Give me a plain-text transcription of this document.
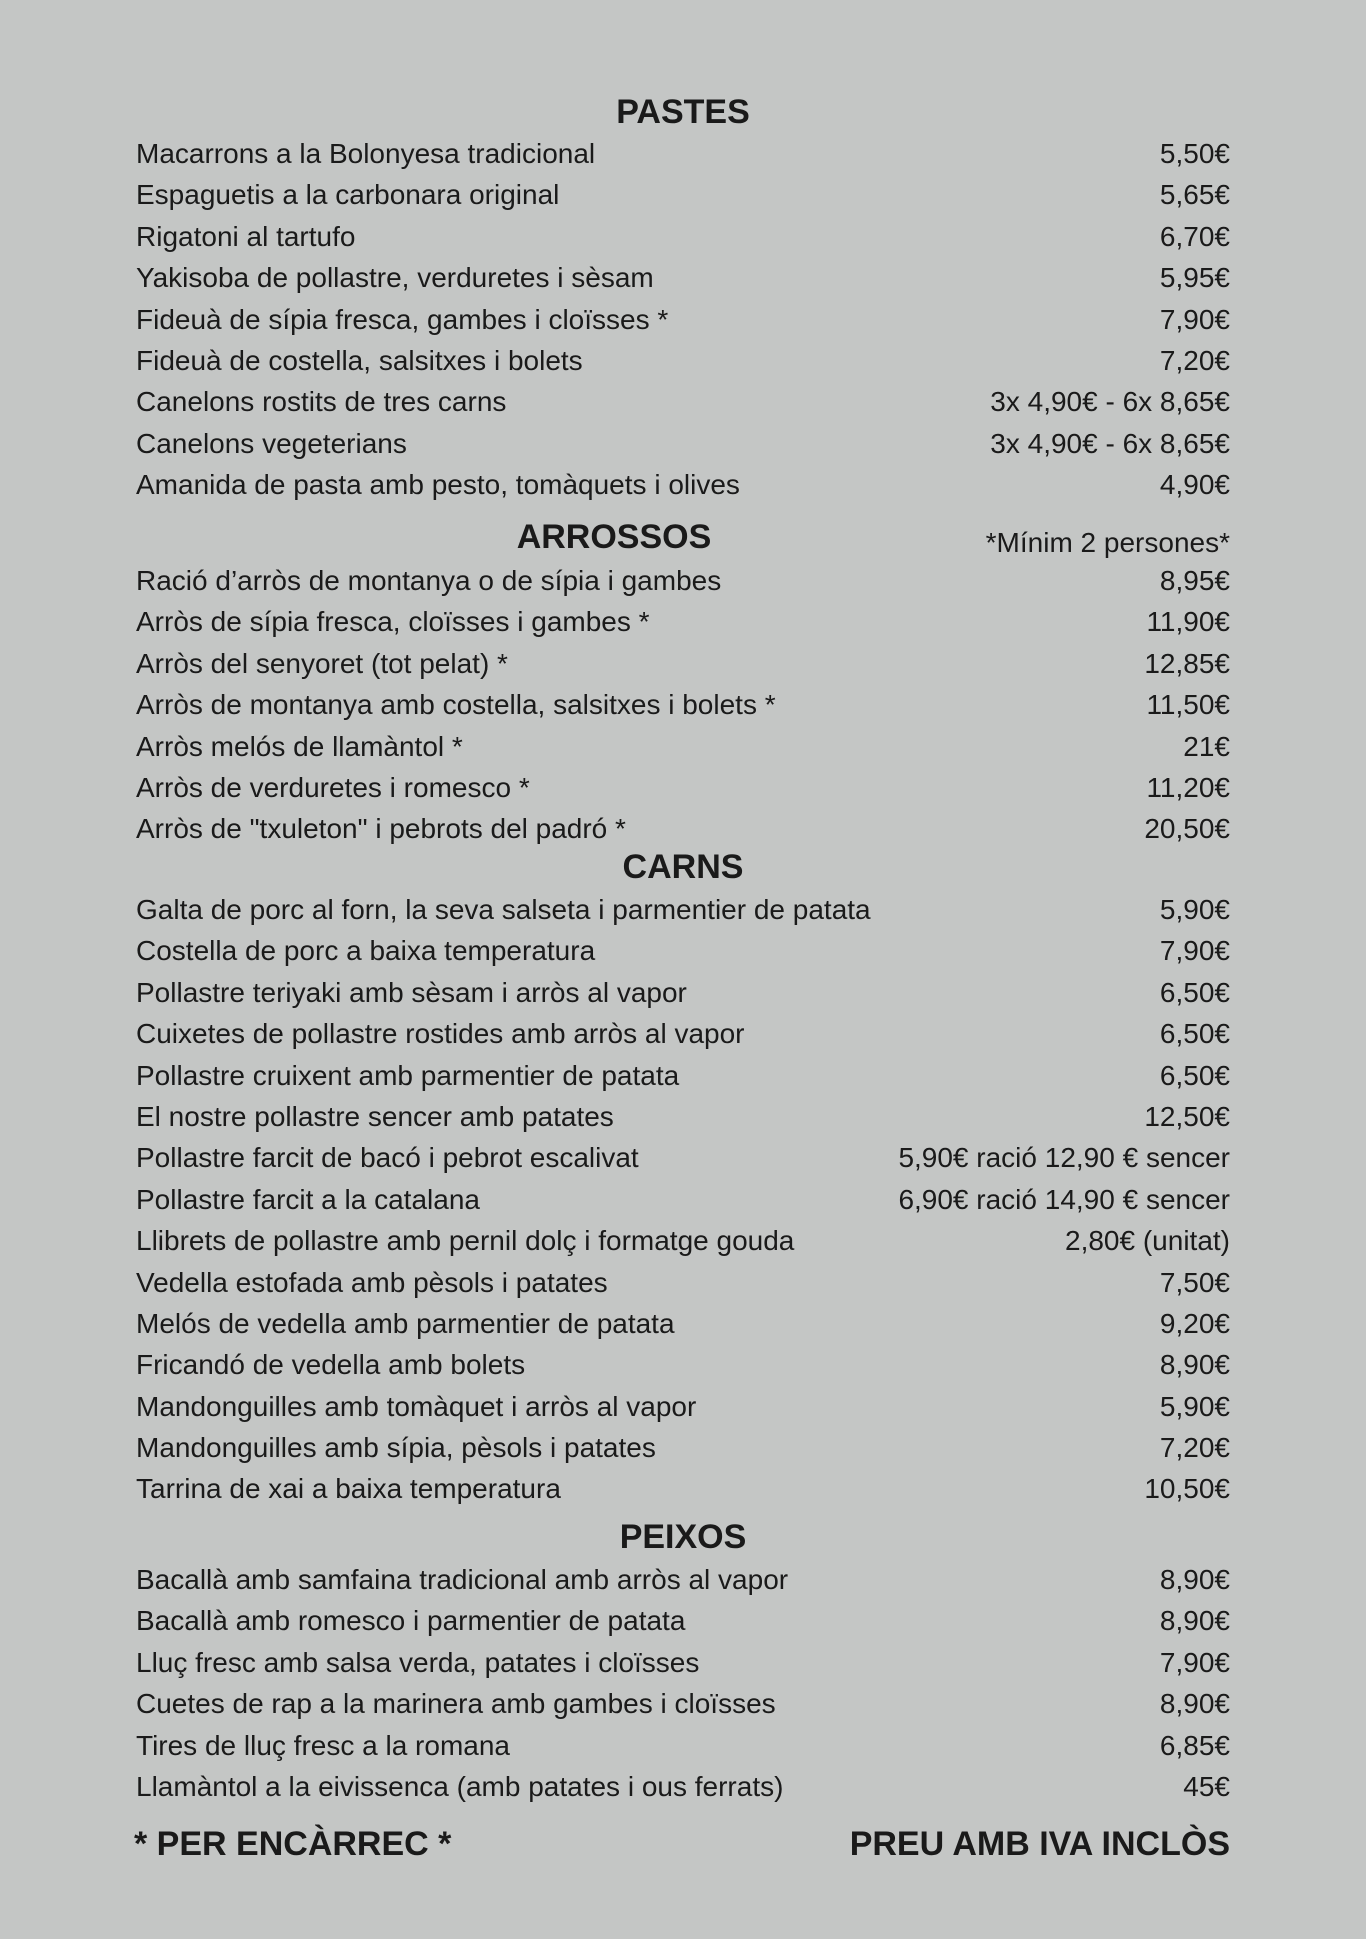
PASTES
Macarrons a la Bolonyesa tradicional	5,50€
Espaguetis a la carbonara original	5,65€
Rigatoni al tartufo	6,70€
Yakisoba de pollastre, verduretes i sèsam	5,95€
Fideuà de sípia fresca, gambes i cloïsses *	7,90€
Fideuà de costella, salsitxes i bolets	7,20€
Canelons rostits de tres carns	3x 4,90€ - 6x 8,65€
Canelons vegeterians	3x 4,90€ - 6x 8,65€
Amanida de pasta amb pesto, tomàquets i olives	4,90€
ARROSSOS	*Mínim 2 persones*
Ració d’arròs de montanya o de sípia i gambes	8,95€
Arròs de sípia fresca, cloïsses i gambes *	11,90€
Arròs del senyoret (tot pelat) *	12,85€
Arròs de montanya amb costella, salsitxes i bolets *	11,50€
Arròs melós de llamàntol *	21€
Arròs de verduretes i romesco *	11,20€
Arròs de "txuleton" i pebrots del padró *	20,50€
CARNS
Galta de porc al forn, la seva salseta i parmentier de patata	5,90€
Costella de porc a baixa temperatura	7,90€
Pollastre teriyaki amb sèsam i arròs al vapor	6,50€
Cuixetes de pollastre rostides amb arròs al vapor	6,50€
Pollastre cruixent amb parmentier de patata	6,50€
El nostre pollastre sencer amb patates	12,50€
Pollastre farcit de bacó i pebrot escalivat	5,90€ ració 12,90 € sencer
Pollastre farcit a la catalana	6,90€ ració 14,90 € sencer
Llibrets de pollastre amb pernil dolç i formatge gouda	2,80€ (unitat)
Vedella estofada amb pèsols i patates	7,50€
Melós de vedella amb parmentier de patata	9,20€
Fricandó de vedella amb bolets	8,90€
Mandonguilles amb tomàquet i arròs al vapor	5,90€
Mandonguilles amb sípia, pèsols i patates	7,20€
Tarrina de xai a baixa temperatura	10,50€
PEIXOS
Bacallà amb samfaina tradicional amb arròs al vapor	8,90€
Bacallà amb romesco i parmentier de patata	8,90€
Lluç fresc amb salsa verda, patates i cloïsses	7,90€
Cuetes de rap a la marinera amb gambes i cloïsses	8,90€
Tires de lluç fresc a la romana	6,85€
Llamàntol a la eivissenca (amb patates i ous ferrats)	45€
* PER ENCÀRREC *	PREU AMB IVA INCLÒS
